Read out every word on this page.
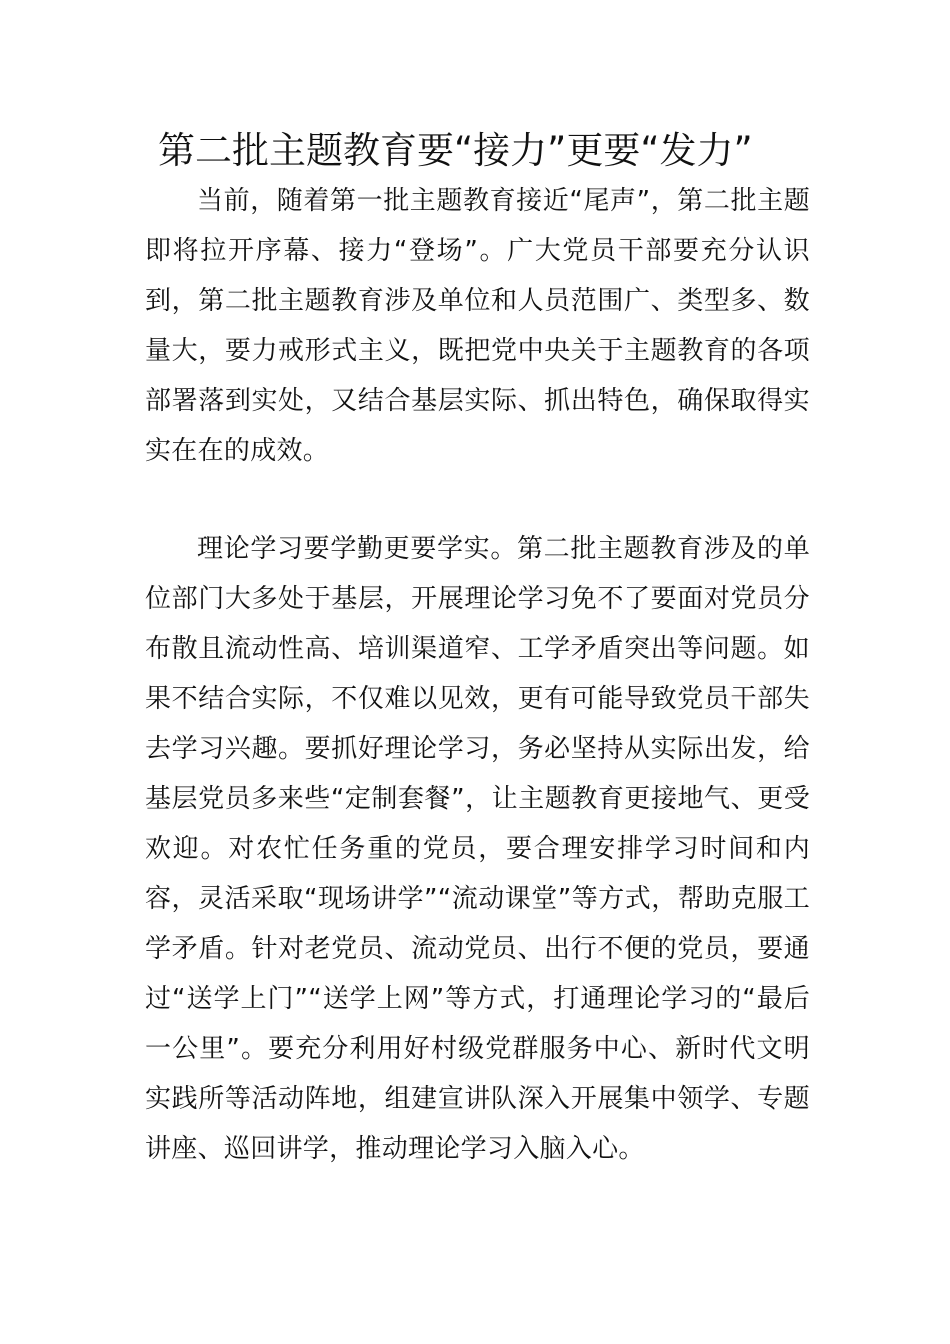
第二批主题教育要“接力”更要“发力”

当前，随着第一批主题教育接近“尾声”，第二批主题即将拉开序幕、接力“登场”。广大党员干部要充分认识到，第二批主题教育涉及单位和人员范围广、类型多、数量大，要力戒形式主义，既把党中央关于主题教育的各项部署落到实处，又结合基层实际、抓出特色，确保取得实实在在的成效。

理论学习要学勤更要学实。第二批主题教育涉及的单位部门大多处于基层，开展理论学习免不了要面对党员分布散且流动性高、培训渠道窄、工学矛盾突出等问题。如果不结合实际，不仅难以见效，更有可能导致党员干部失去学习兴趣。要抓好理论学习，务必坚持从实际出发，给基层党员多来些“定制套餐”，让主题教育更接地气、更受欢迎。对农忙任务重的党员，要合理安排学习时间和内容，灵活采取“现场讲学”“流动课堂”等方式，帮助克服工学矛盾。针对老党员、流动党员、出行不便的党员，要通过“送学上门”“送学上网”等方式，打通理论学习的“最后一公里”。要充分利用好村级党群服务中心、新时代文明实践所等活动阵地，组建宣讲队深入开展集中领学、专题讲座、巡回讲学，推动理论学习入脑入心。
